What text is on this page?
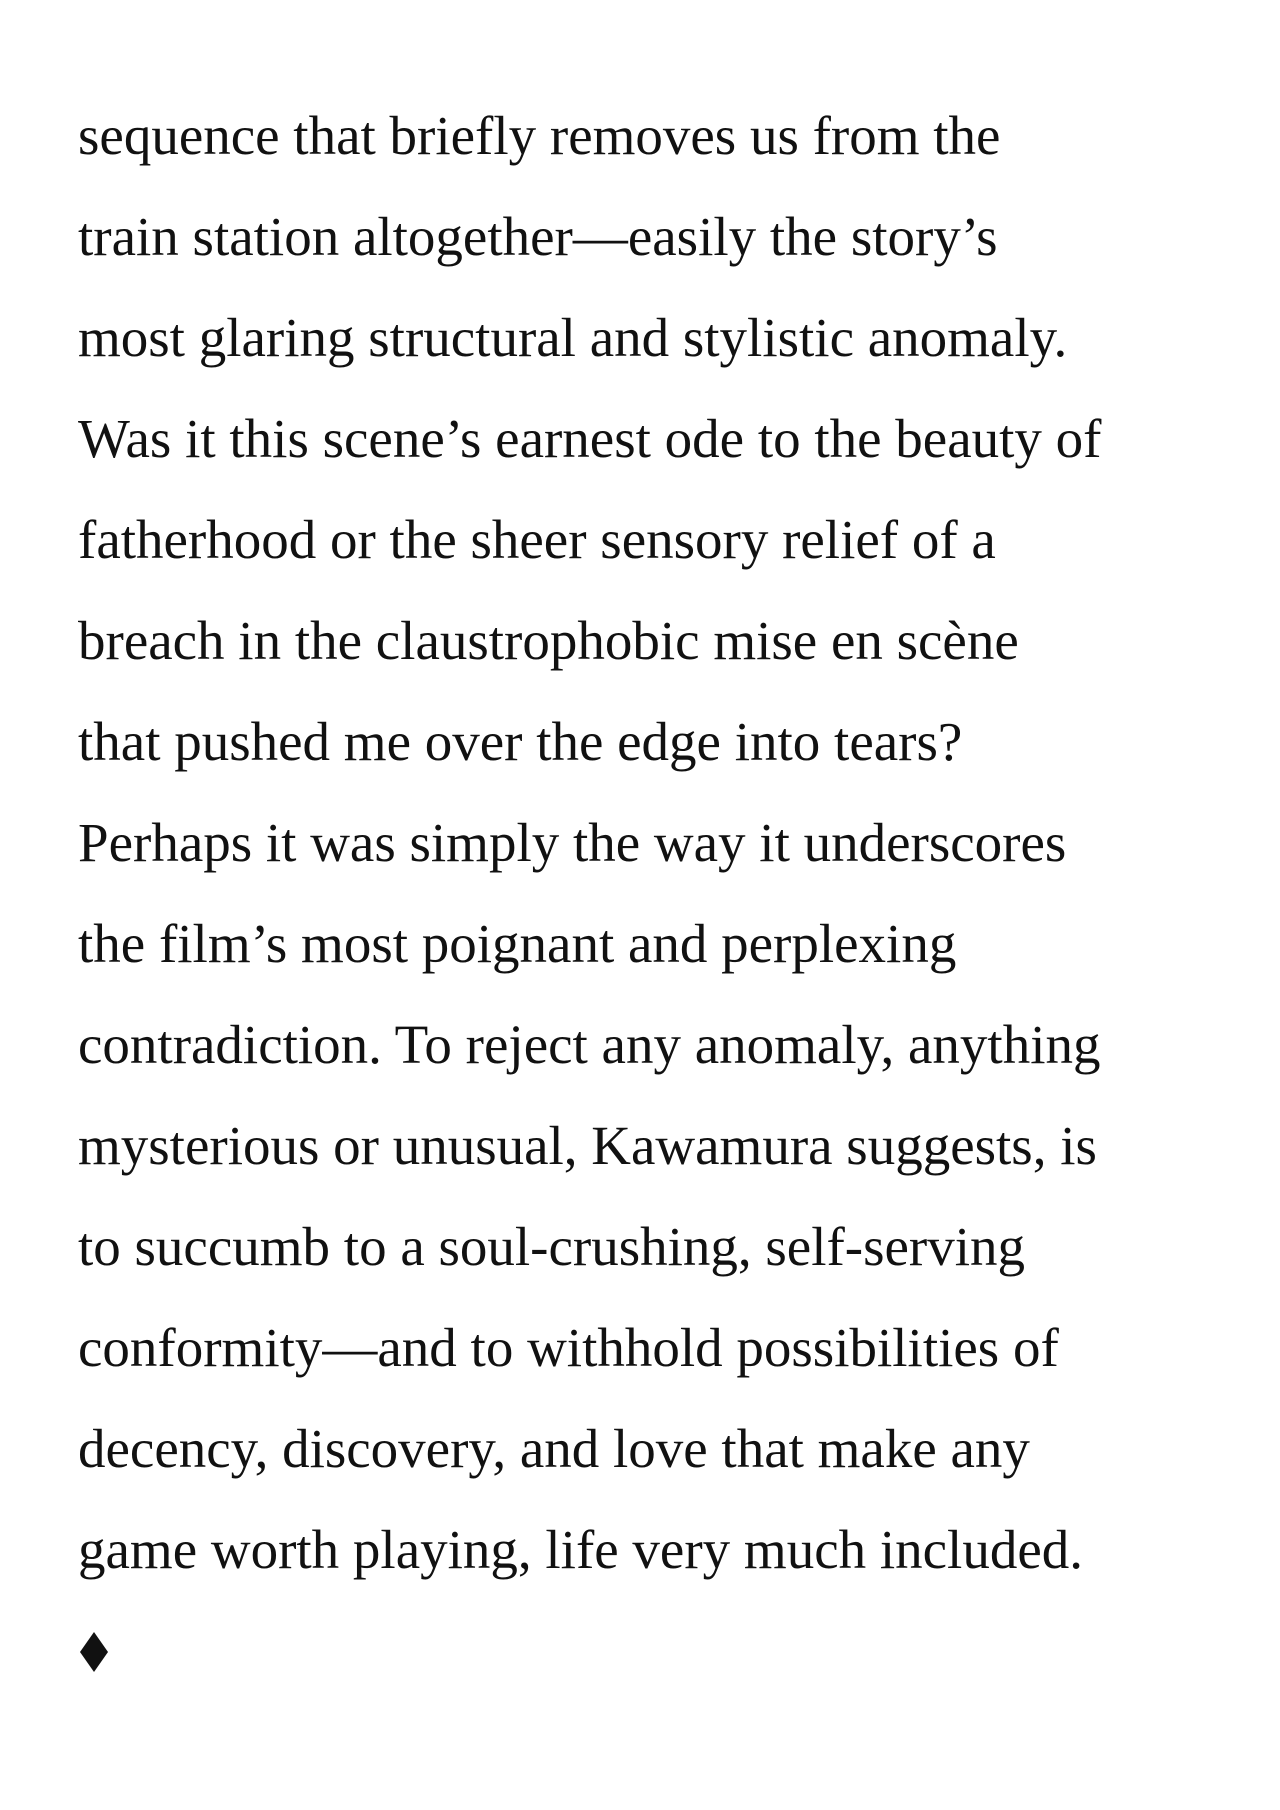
sequence that briefly removes us from the
train station altogether—easily the story’s
most glaring structural and stylistic anomaly.
Was it this scene’s earnest ode to the beauty of
fatherhood or the sheer sensory relief of a
breach in the claustrophobic mise en scène
that pushed me over the edge into tears?
Perhaps it was simply the way it underscores
the film’s most poignant and perplexing
contradiction. To reject any anomaly, anything
mysterious or unusual, Kawamura suggests, is
to succumb to a soul-crushing, self-serving
conformity—and to withhold possibilities of
decency, discovery, and love that make any
game worth playing, life very much included.
